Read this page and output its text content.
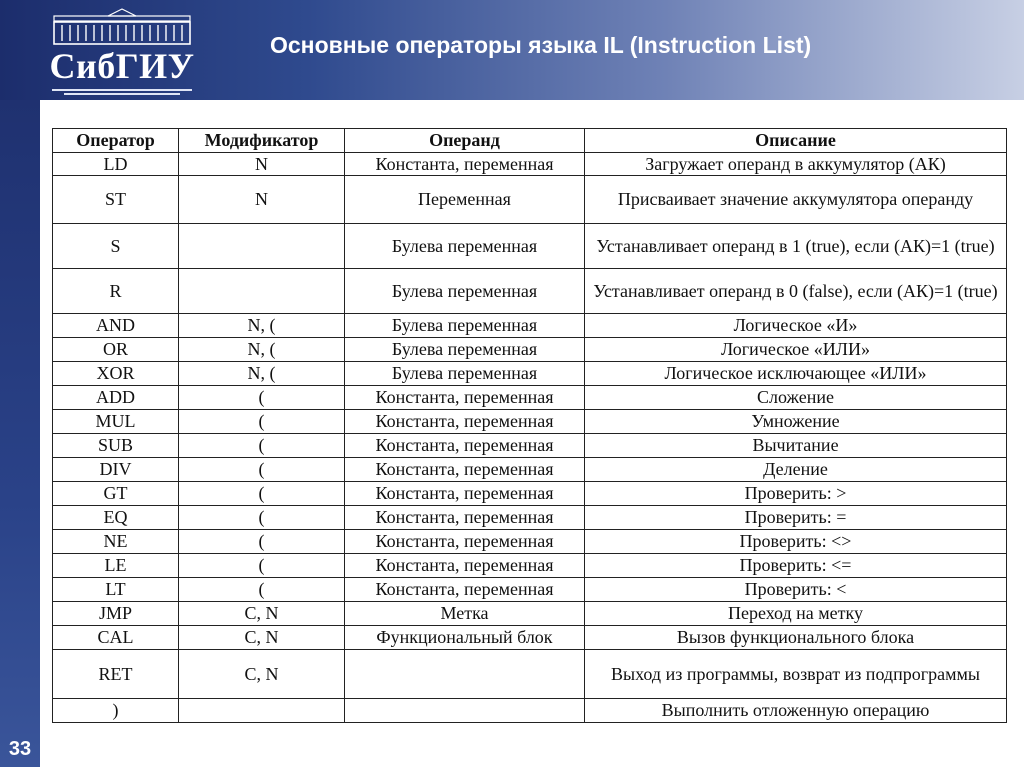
СибГИУ
Основные операторы языка IL (Instruction List)
Оператор	Модификатор	Операнд	Описание
LD	N	Константа, переменная	Загружает операнд в аккумулятор (АК)
ST	N	Переменная	Присваивает значение аккумулятора операнду
S		Булева переменная	Устанавливает операнд в 1 (true), если (АК)=1 (true)
R		Булева переменная	Устанавливает операнд в 0 (false), если (АК)=1 (true)
AND	N, (	Булева переменная	Логическое «И»
OR	N, (	Булева переменная	Логическое «ИЛИ»
XOR	N, (	Булева переменная	Логическое исключающее «ИЛИ»
ADD	(	Константа, переменная	Сложение
MUL	(	Константа, переменная	Умножение
SUB	(	Константа, переменная	Вычитание
DIV	(	Константа, переменная	Деление
GT	(	Константа, переменная	Проверить: >
EQ	(	Константа, переменная	Проверить: =
NE	(	Константа, переменная	Проверить: <>
LE	(	Константа, переменная	Проверить: <=
LT	(	Константа, переменная	Проверить: <
JMP	C, N	Метка	Переход на метку
CAL	C, N	Функциональный блок	Вызов функционального блока
RET	C, N		Выход из программы, возврат из подпрограммы
)			Выполнить отложенную операцию
33
